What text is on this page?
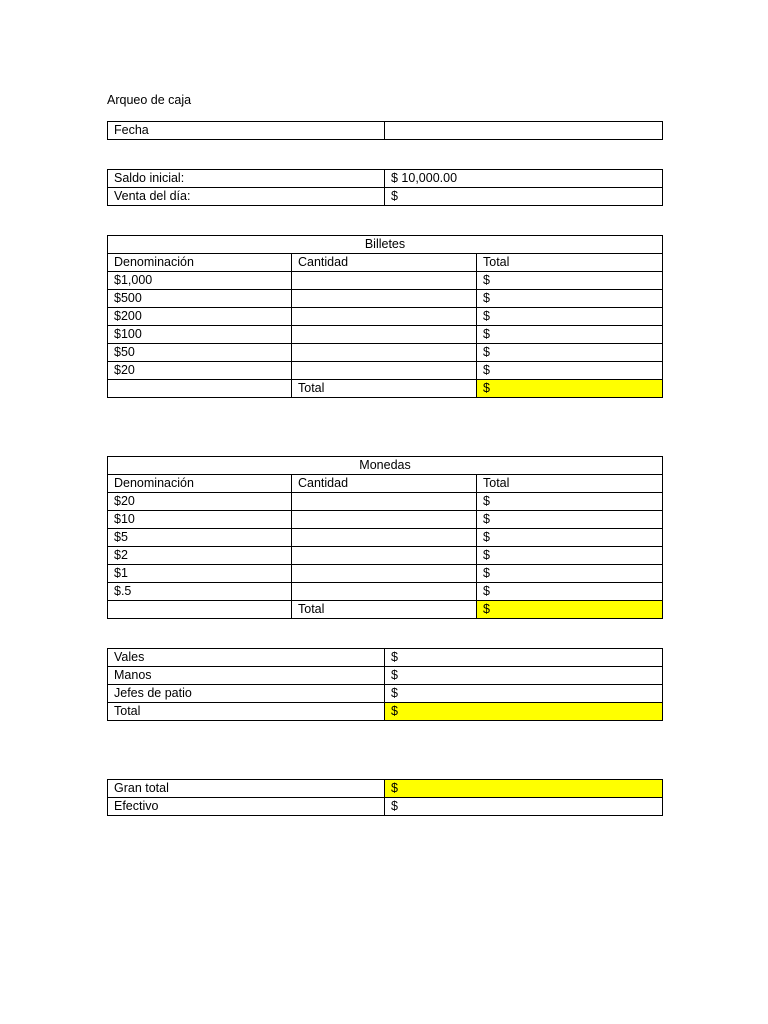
Arqueo de caja
Fecha	
Saldo inicial:	$ 10,000.00
Venta del día:	$
Billetes		
Denominación	Cantidad	Total
$1,000		$
$500		$
$200		$
$100		$
$50		$
$20		$
	Total	$
Monedas		
Denominación	Cantidad	Total
$20		$
$10		$
$5		$
$2		$
$1		$
$.5		$
	Total	$
Vales	$
Manos	$
Jefes de patio	$
Total	$
Gran total	$
Efectivo	$
